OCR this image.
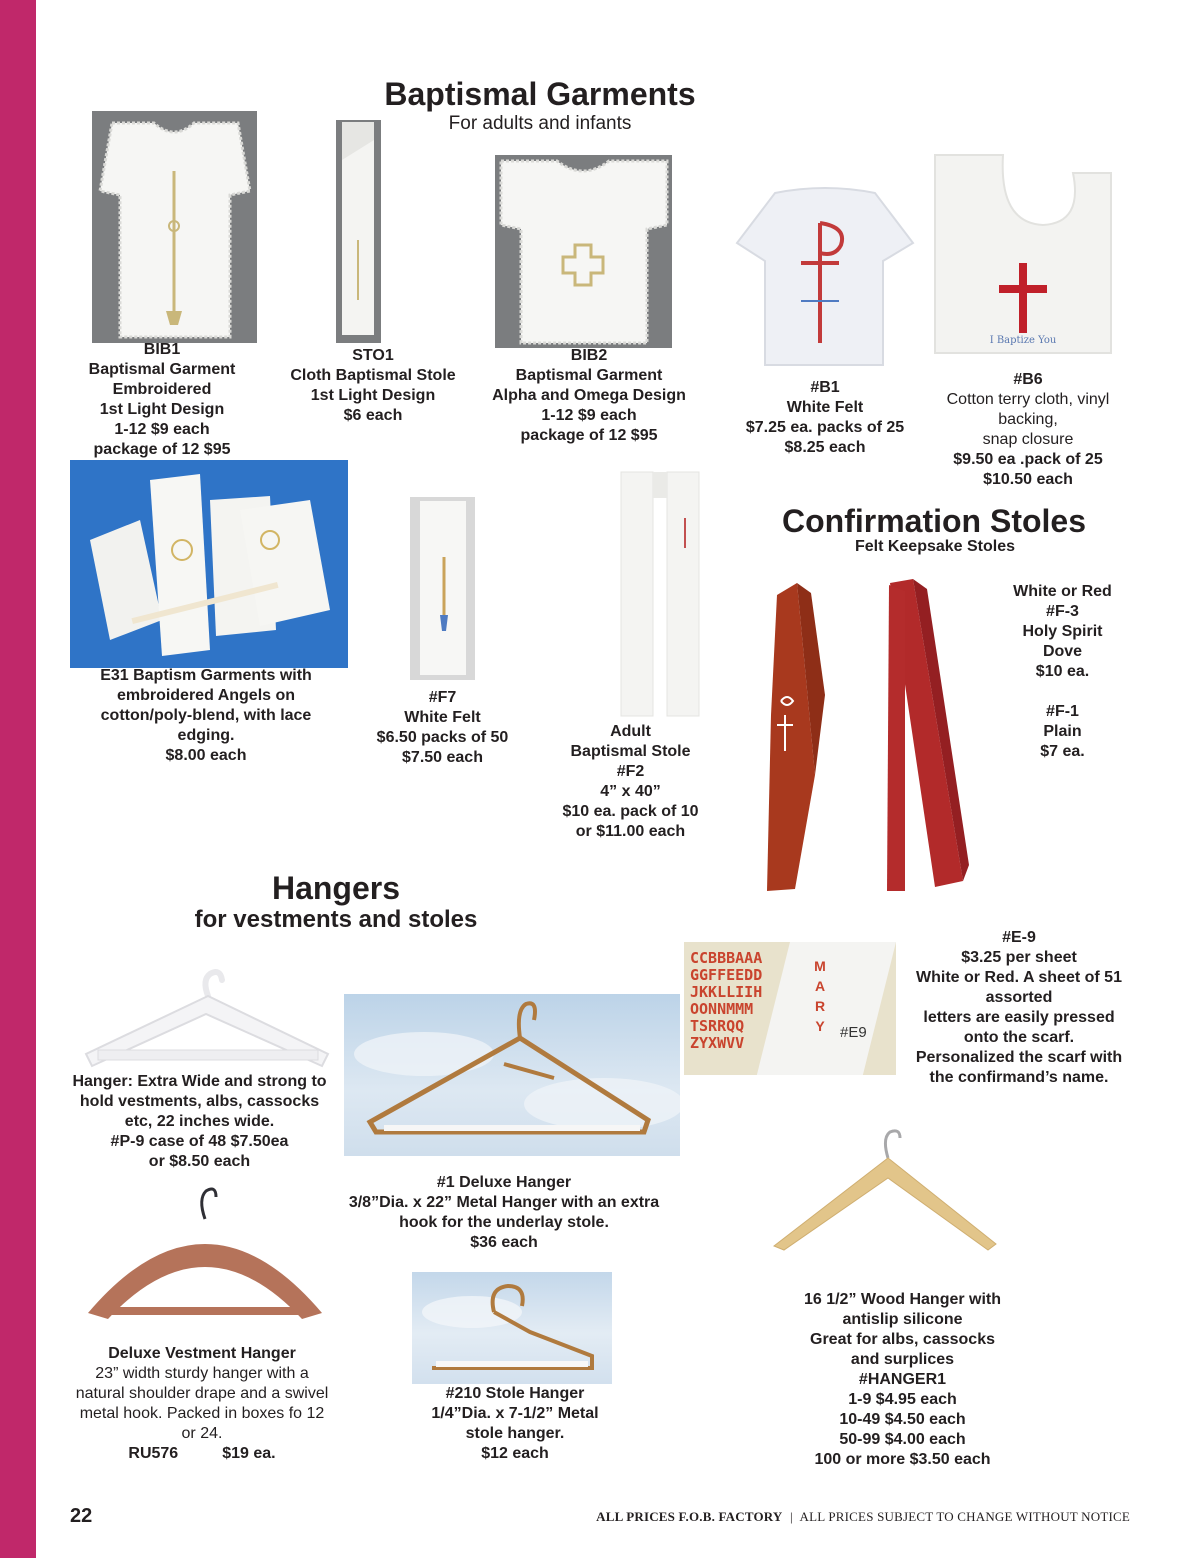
Baptismal Garments
For adults and infants
BIB1
Baptismal Garment
Embroidered
1st Light Design
1-12 $9 each
package of 12 $95
STO1
Cloth Baptismal Stole
1st Light Design
$6 each
BIB2
Baptismal Garment
Alpha and Omega Design
1-12 $9 each
package of 12 $95
#B1
White Felt
$7.25 ea. packs of 25
$8.25 each
I Baptize You
#B6
Cotton terry cloth, vinyl
backing,
snap closure
$9.50 ea .pack of 25
$10.50 each
E31 Baptism Garments with
embroidered Angels on
cotton/poly-blend, with lace
edging.
$8.00 each
#F7
White Felt
$6.50 packs of 50
$7.50 each
Adult
Baptismal Stole
#F2
4” x 40”
$10 ea. pack of 10
or $11.00 each
Confirmation Stoles
Felt Keepsake Stoles
White or Red
#F-3
Holy Spirit
Dove
$10 ea.
#F-1
Plain
$7 ea.
CCBBBAAA
GGFFEEDD
JKKLLIIH
OONNMMM
TSRRQQ
ZYXWVV
M
A
R
Y	#E9
#E-9
$3.25 per sheet
White or Red. A sheet of 51
assorted
letters are easily pressed
onto the scarf.
Personalized the scarf with
the confirmand’s name.
Hangers
for vestments and stoles
Hanger: Extra Wide and strong to
hold vestments, albs, cassocks
etc, 22 inches wide.
#P-9 case of 48 $7.50ea
or $8.50 each
#1 Deluxe Hanger
3/8”Dia. x 22” Metal Hanger with an extra
hook for the underlay stole.
$36 each
Deluxe Vestment Hanger
23” width sturdy hanger with a
natural shoulder drape and a swivel
metal hook. Packed in boxes fo 12
or 24.
RU576	$19 ea.
#210 Stole Hanger
1/4”Dia. x 7-1/2” Metal
stole hanger.
$12 each
16 1/2” Wood Hanger with
antislip silicone
Great for albs, cassocks
and surplices
#HANGER1
1-9 $4.95 each
10-49 $4.50 each
50-99 $4.00 each
100 or more $3.50 each
22	ALL PRICES F.O.B. FACTORY | ALL PRICES SUBJECT TO CHANGE WITHOUT NOTICE
